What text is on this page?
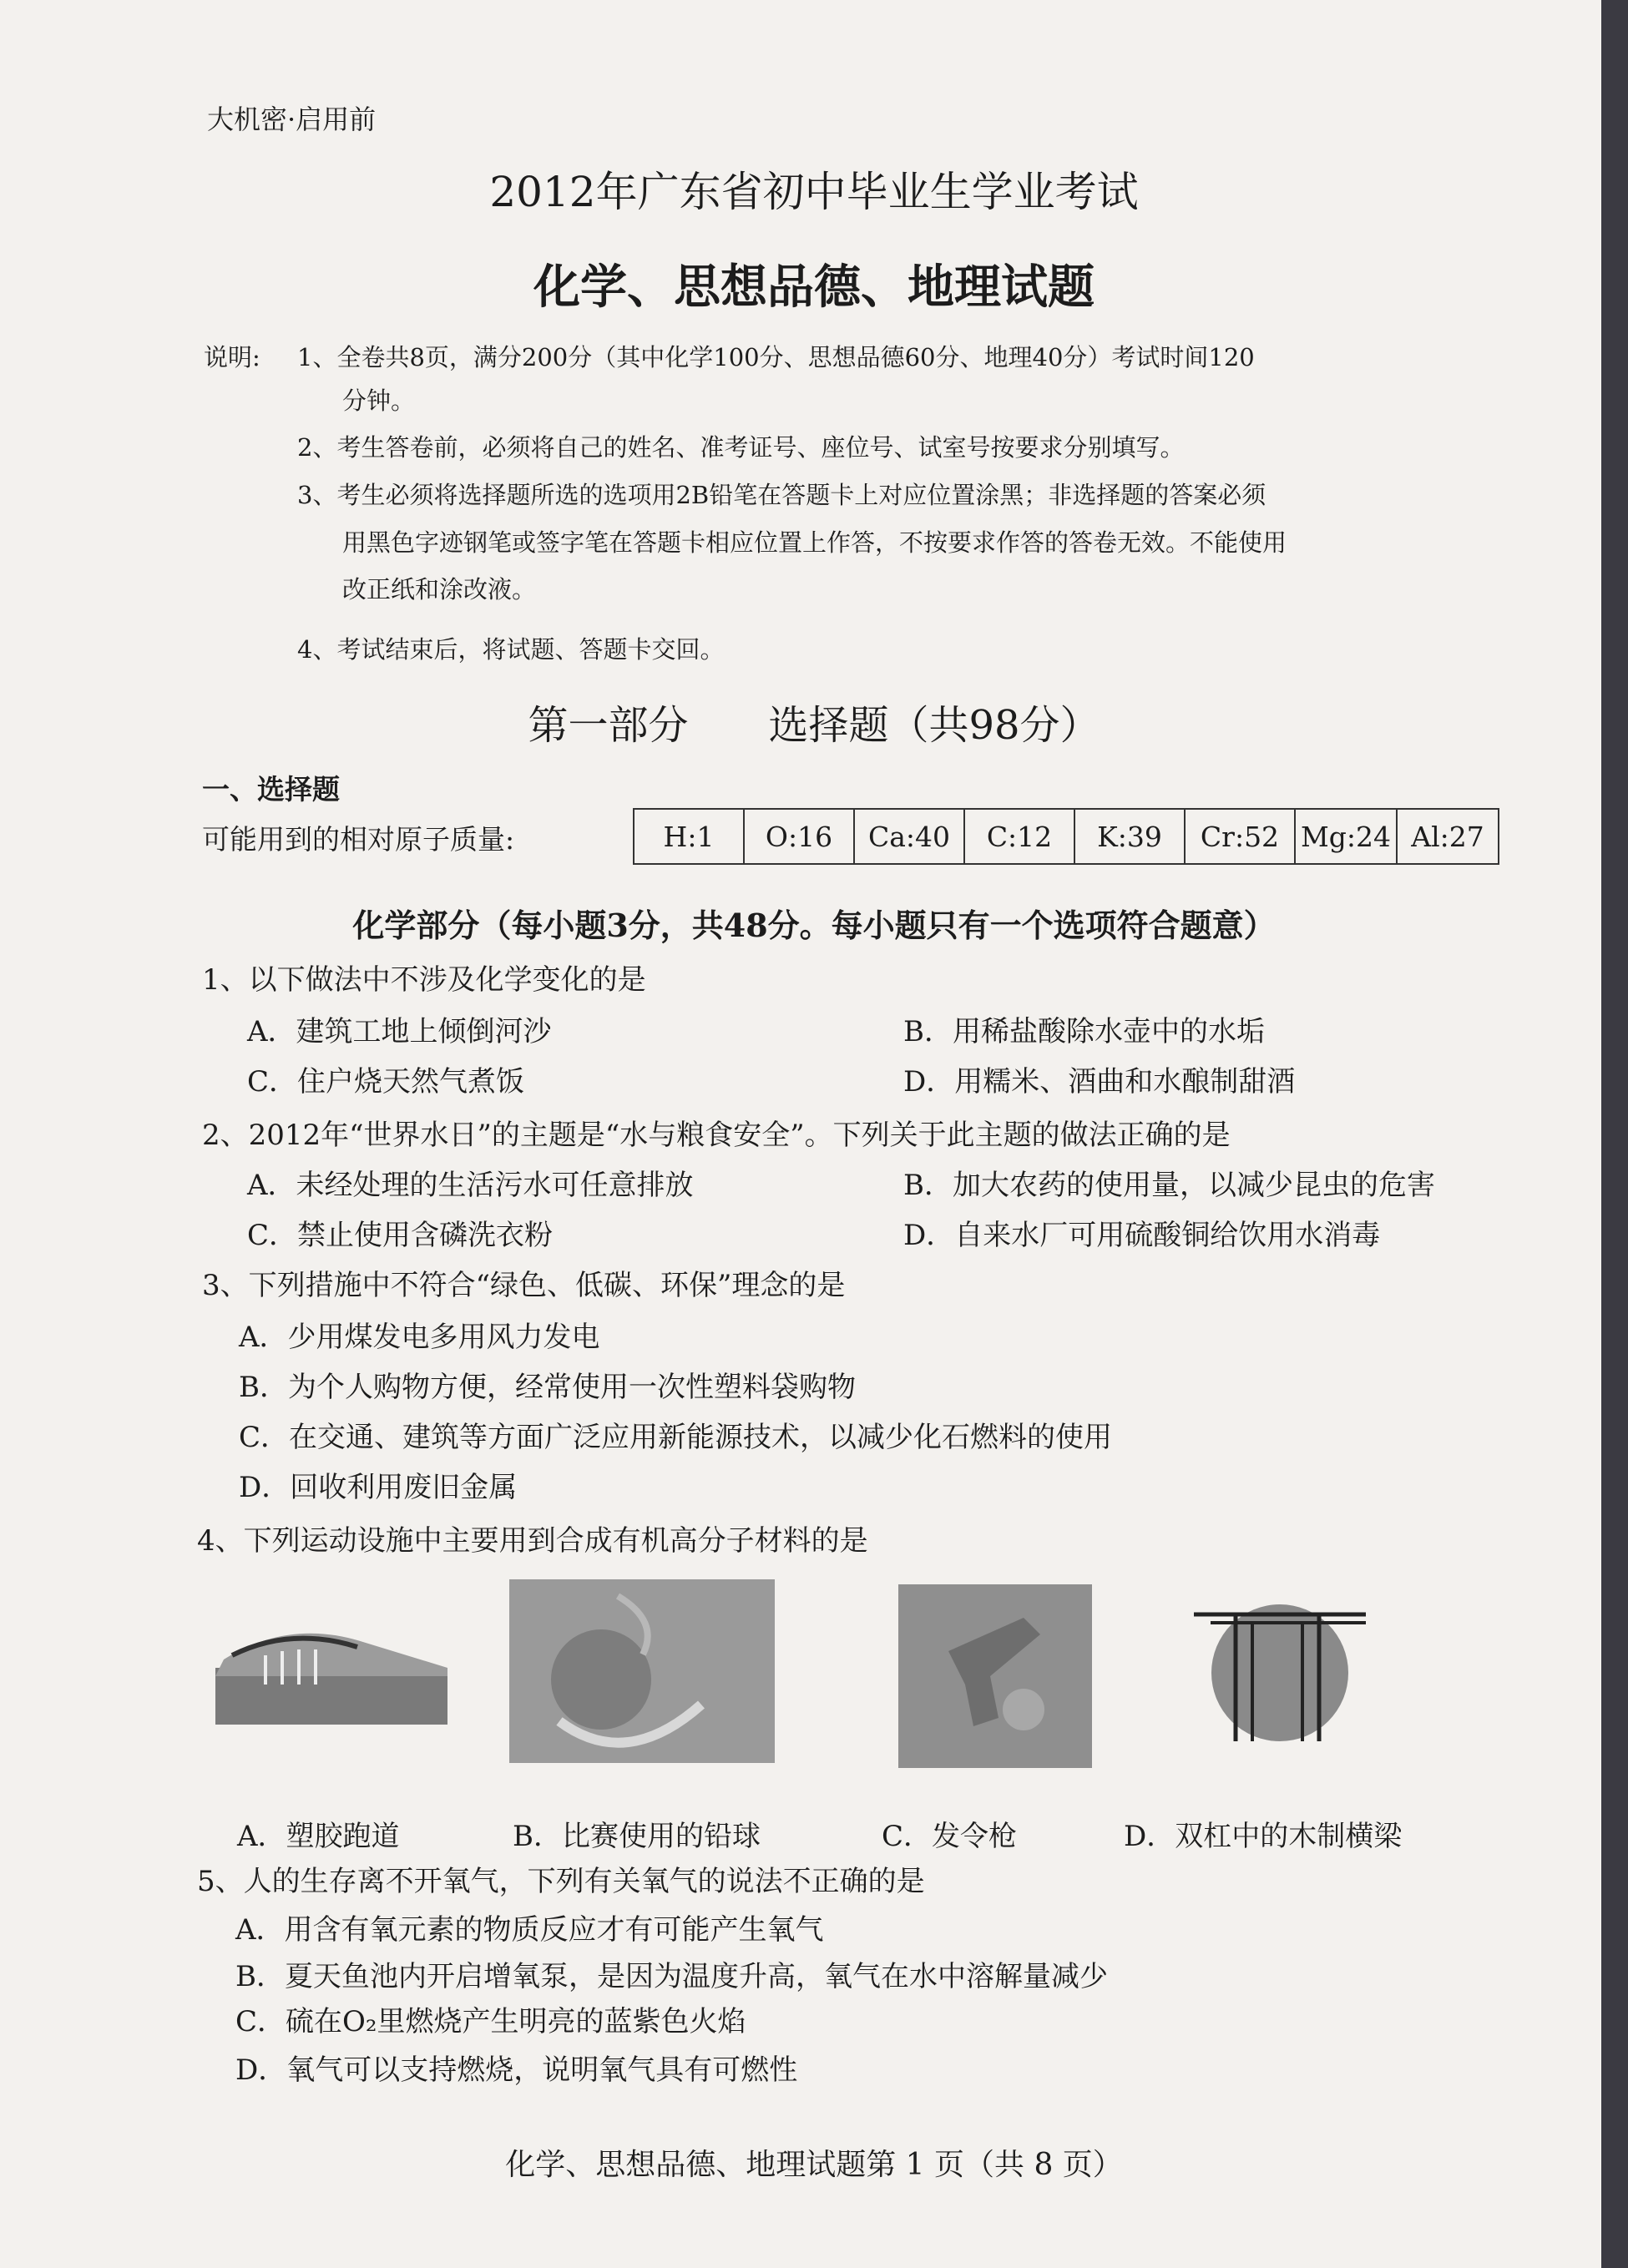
大机密·启用前
2012年广东省初中毕业生学业考试
化学、思想品德、地理试题
说明: 1、全卷共8页，满分200分（其中化学100分、思想品德60分、地理40分）考试时间120
分钟。
2、考生答卷前，必须将自己的姓名、准考证号、座位号、试室号按要求分别填写。
3、考生必须将选择题所选的选项用2B铅笔在答题卡上对应位置涂黑；非选择题的答案必须
用黑色字迹钢笔或签字笔在答题卡相应位置上作答，不按要求作答的答卷无效。不能使用
改正纸和涂改液。
4、考试结束后，将试题、答题卡交回。
第一部分　　选择题（共98分）
一、选择题
可能用到的相对原子质量:	H:1	O:16	Ca:40	C:12	K:39	Cr:52	Mg:24	Al:27
化学部分（每小题3分，共48分。每小题只有一个选项符合题意）
1、以下做法中不涉及化学变化的是
A．建筑工地上倾倒河沙	B．用稀盐酸除水壶中的水垢
C．住户烧天然气煮饭	D．用糯米、酒曲和水酿制甜酒
2、2012年“世界水日”的主题是“水与粮食安全”。下列关于此主题的做法正确的是
A．未经处理的生活污水可任意排放	B．加大农药的使用量，以减少昆虫的危害
C．禁止使用含磷洗衣粉	D．自来水厂可用硫酸铜给饮用水消毒
3、下列措施中不符合“绿色、低碳、环保”理念的是
A．少用煤发电多用风力发电
B．为个人购物方便，经常使用一次性塑料袋购物
C．在交通、建筑等方面广泛应用新能源技术，以减少化石燃料的使用
D．回收利用废旧金属
4、下列运动设施中主要用到合成有机高分子材料的是
A．塑胶跑道	B．比赛使用的铅球	C．发令枪	D．双杠中的木制横梁
5、人的生存离不开氧气，下列有关氧气的说法不正确的是
A．用含有氧元素的物质反应才有可能产生氧气
B．夏天鱼池内开启增氧泵，是因为温度升高，氧气在水中溶解量减少
C．硫在O₂里燃烧产生明亮的蓝紫色火焰
D．氧气可以支持燃烧，说明氧气具有可燃性
化学、思想品德、地理试题第 1 页（共 8 页）
